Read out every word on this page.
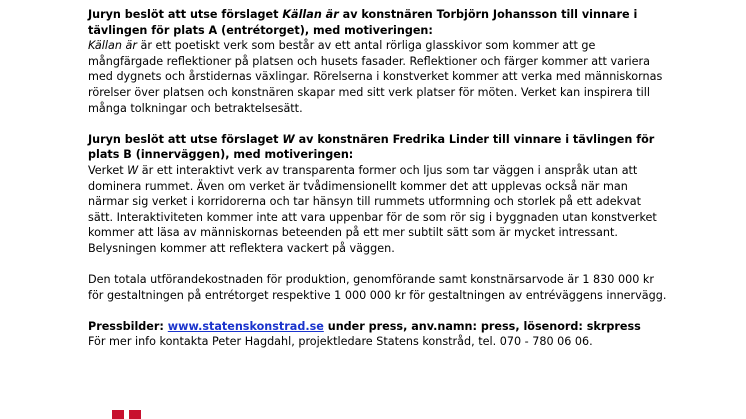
Juryn beslöt att utse förslaget Källan är av konstnären Torbjörn Johansson till vinnare i tävlingen för plats A (entrétorget), med motiveringen:

Källan är är ett poetiskt verk som består av ett antal rörliga glasskivor som kommer att ge mångfärgade reflektioner på platsen och husets fasader. Reflektioner och färger kommer att variera med dygnets och årstidernas växlingar. Rörelserna i konstverket kommer att verka med människornas rörelser över platsen och konstnären skapar med sitt verk platser för möten. Verket kan inspirera till många tolkningar och betraktelsesätt.

Juryn beslöt att utse förslaget W av konstnären Fredrika Linder till vinnare i tävlingen för plats B (innerväggen), med motiveringen:

Verket W är ett interaktivt verk av transparenta former och ljus som tar väggen i anspråk utan att dominera rummet. Även om verket är tvådimensionellt kommer det att upplevas också när man närmar sig verket i korridorerna och tar hänsyn till rummets utformning och storlek på ett adekvat sätt. Interaktiviteten kommer inte att vara uppenbar för de som rör sig i byggnaden utan konstverket kommer att läsa av människornas beteenden på ett mer subtilt sätt som är mycket intressant. Belysningen kommer att reflektera vackert på väggen.

Den totala utförandekostnaden för produktion, genomförande samt konstnärsarvode är 1 830 000 kr för gestaltningen på entrétorget respektive 1 000 000 kr för gestaltningen av entréväggens innervägg.

Pressbilder: www.statenskonstrad.se under press, anv.namn: press, lösenord: skrpress

För mer info kontakta Peter Hagdahl, projektledare Statens konstråd, tel. 070 - 780 06 06.
